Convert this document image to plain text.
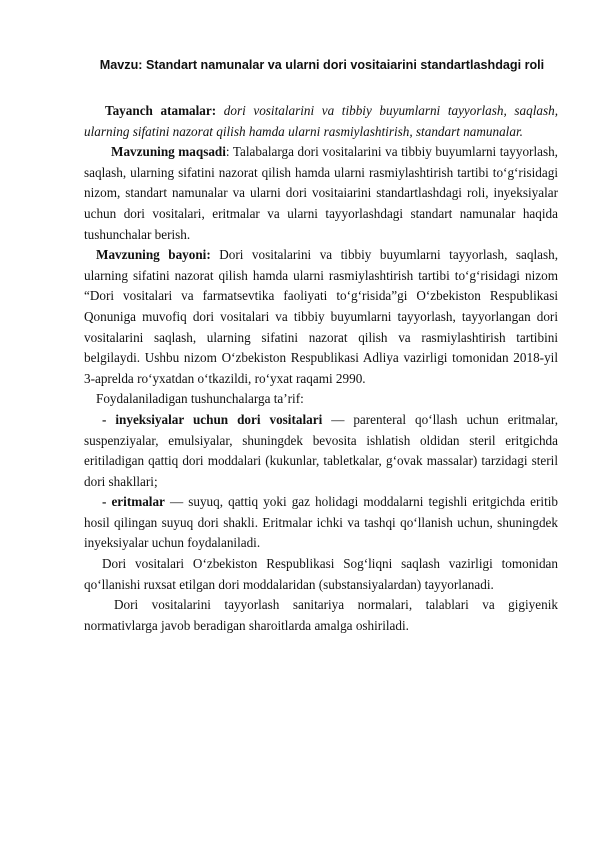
Mavzu: Standart namunalar va ularni dori vositaiarini standartlashdagi roli

Tayanch atamalar: dori vositalarini va tibbiy buyumlarni tayyorlash, saqlash, ularning sifatini nazorat qilish hamda ularni rasmiylashtirish, standart namunalar.

Mavzuning maqsadi: Talabalarga dori vositalarini va tibbiy buyumlarni tayyorlash, saqlash, ularning sifatini nazorat qilish hamda ularni rasmiylashtirish tartibi to‘g‘risidagi nizom, standart namunalar va ularni dori vositaiarini standartlashdagi roli, inyeksiyalar uchun dori vositalari, eritmalar va ularni tayyorlashdagi standart namunalar haqida tushunchalar berish.

Mavzuning bayoni: Dori vositalarini va tibbiy buyumlarni tayyorlash, saqlash, ularning sifatini nazorat qilish hamda ularni rasmiylashtirish tartibi to‘g‘risidagi nizom “Dori vositalari va farmatsevtika faoliyati to‘g‘risida”gi O‘zbekiston Respublikasi Qonuniga muvofiq dori vositalari va tibbiy buyumlarni tayyorlash, tayyorlangan dori vositalarini saqlash, ularning sifatini nazorat qilish va rasmiylashtirish tartibini belgilaydi. Ushbu nizom O‘zbekiston Respublikasi Adliya vazirligi tomonidan 2018-yil 3-aprelda ro‘yxatdan o‘tkazildi, ro‘yxat raqami 2990.

Foydalaniladigan tushunchalarga ta’rif:

- inyeksiyalar uchun dori vositalari — parenteral qo‘llash uchun eritmalar, suspenziyalar, emulsiyalar, shuningdek bevosita ishlatish oldidan steril eritgichda eritiladigan qattiq dori moddalari (kukunlar, tabletkalar, g‘ovak massalar) tarzidagi steril dori shakllari;

- eritmalar — suyuq, qattiq yoki gaz holidagi moddalarni tegishli eritgichda eritib hosil qilingan suyuq dori shakli. Eritmalar ichki va tashqi qo‘llanish uchun, shuningdek inyeksiyalar uchun foydalaniladi.

Dori vositalari O‘zbekiston Respublikasi Sog‘liqni saqlash vazirligi tomonidan qo‘llanishi ruxsat etilgan dori moddalaridan (substansiyalardan) tayyorlanadi.

Dori vositalarini tayyorlash sanitariya normalari, talablari va gigiyenik normativlarga javob beradigan sharoitlarda amalga oshiriladi.
